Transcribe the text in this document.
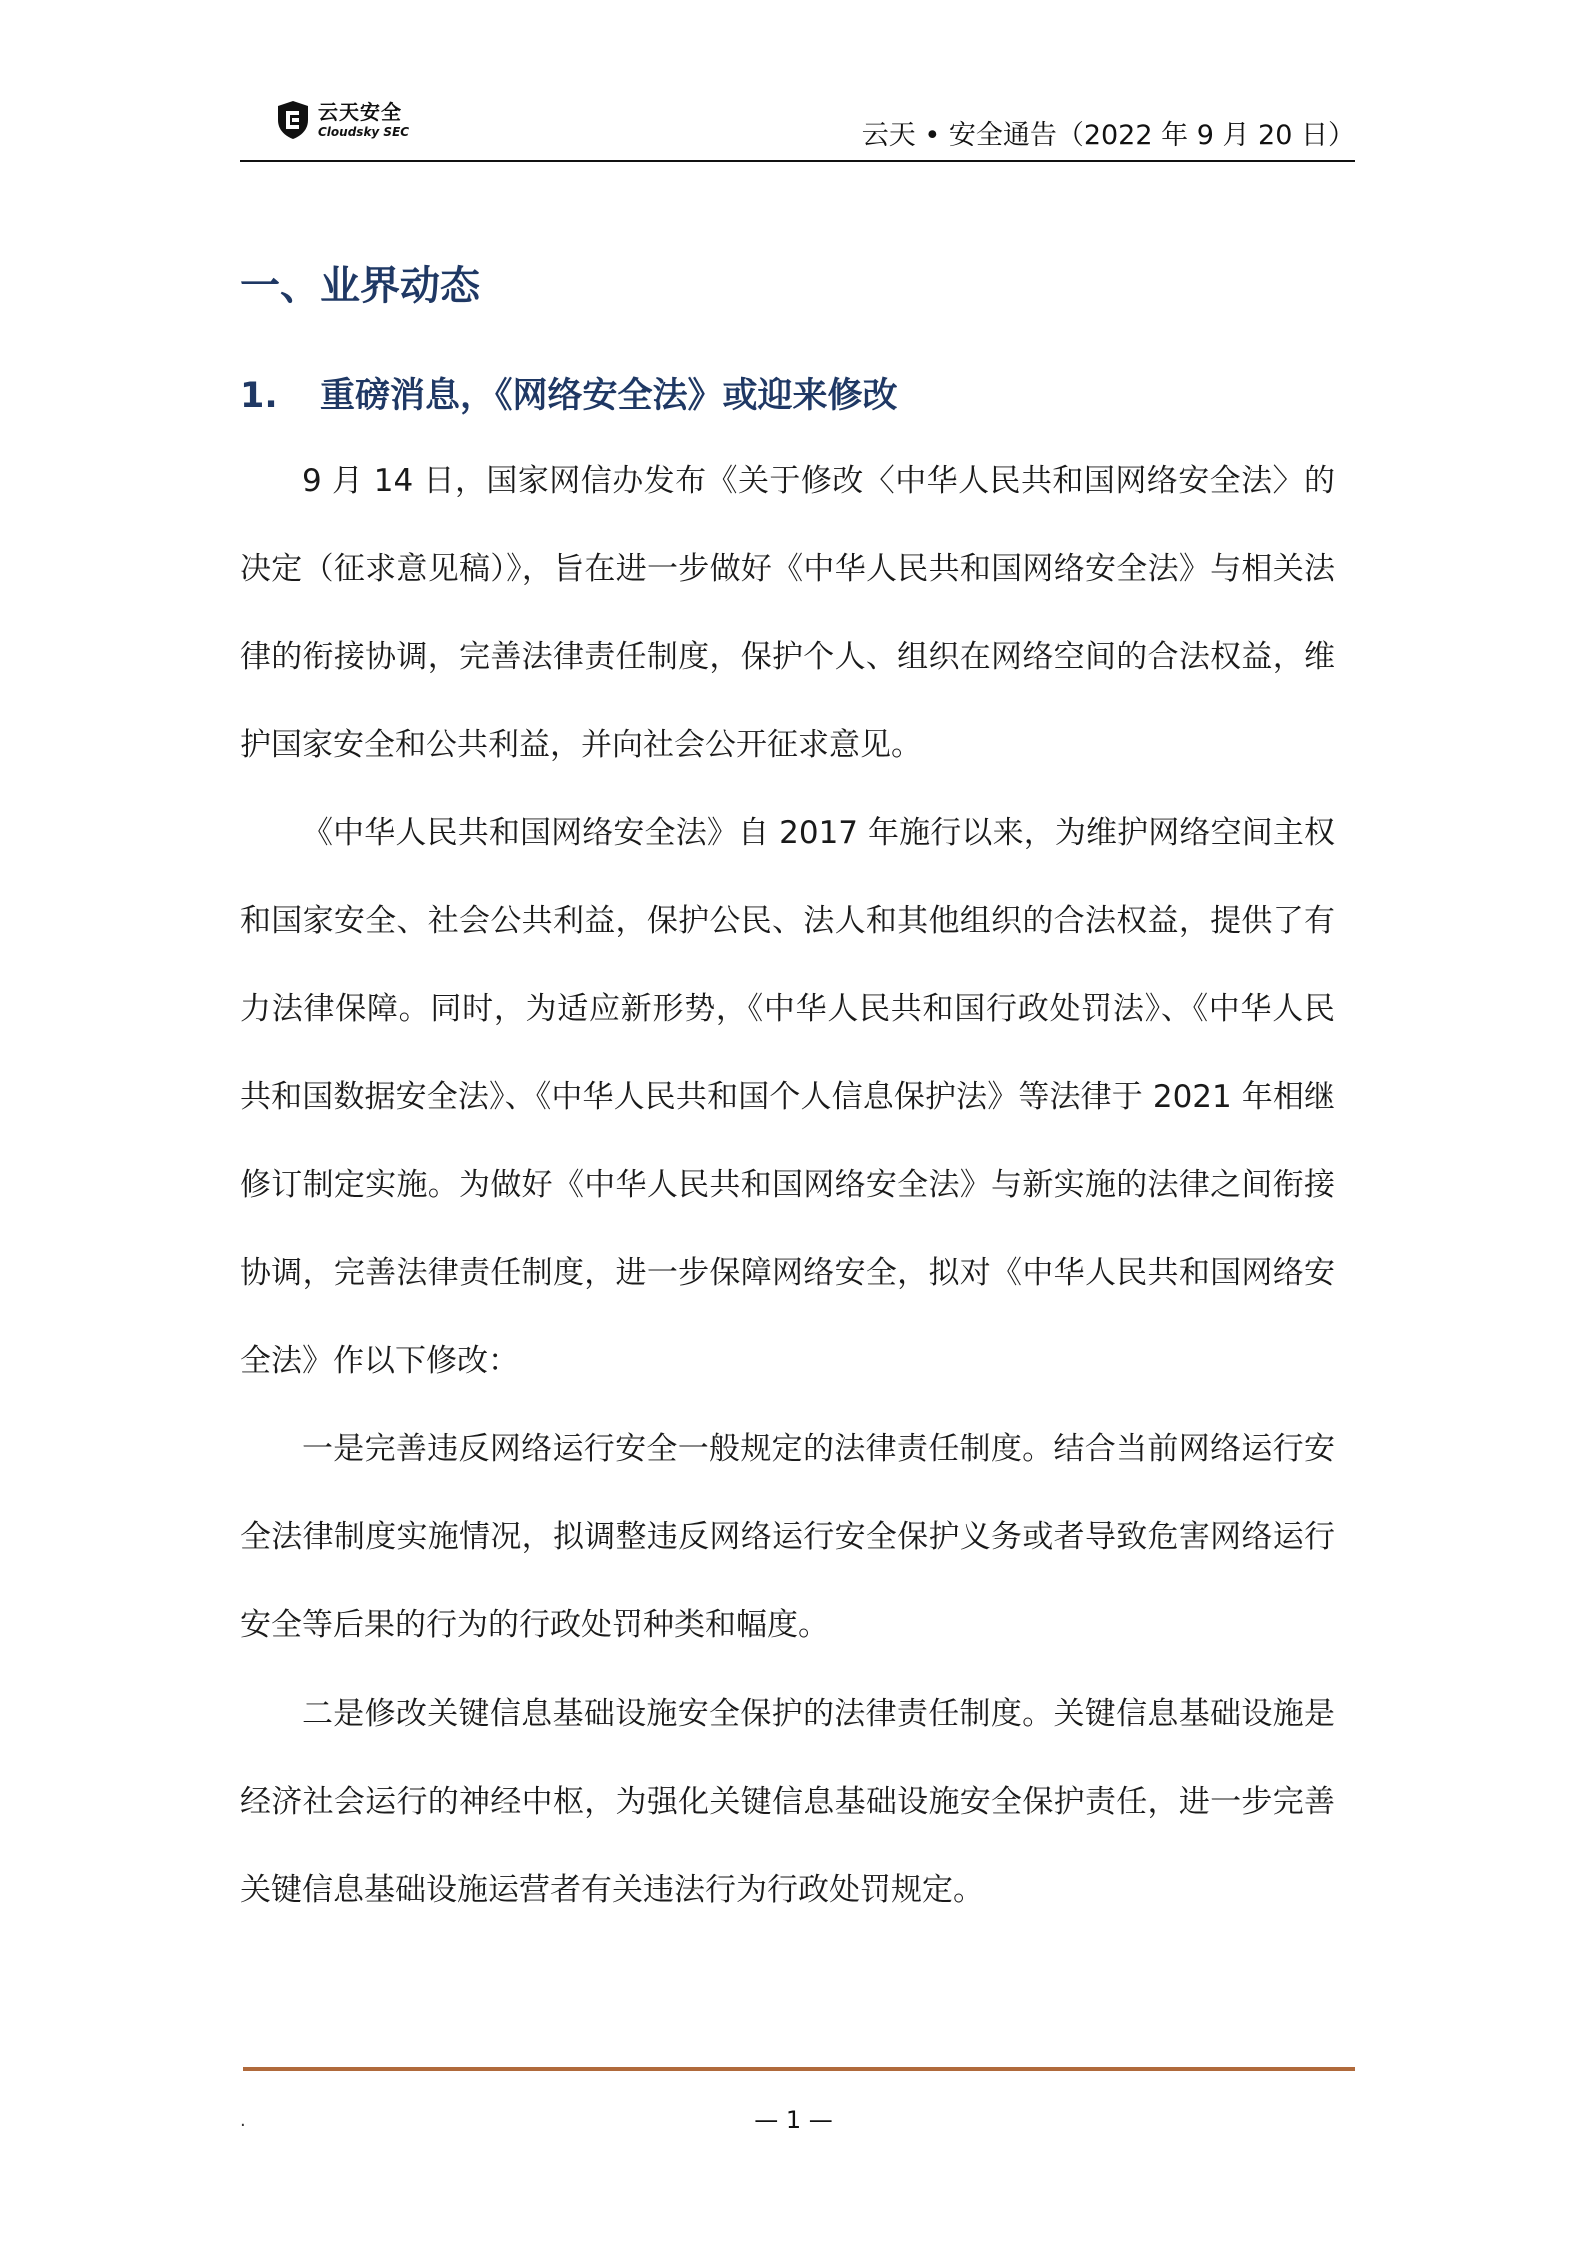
云天安全
Cloudsky SEC	云天 • 安全通告（2022 年 9 月 20 日）
一、业界动态
1. 重磅消息，《网络安全法》或迎来修改

9 月 14 日，国家网信办发布《关于修改〈中华人民共和国网络安全法〉的决定（征求意见稿）》，旨在进一步做好《中华人民共和国网络安全法》与相关法律的衔接协调，完善法律责任制度，保护个人、组织在网络空间的合法权益，维护国家安全和公共利益，并向社会公开征求意见。

《中华人民共和国网络安全法》自 2017 年施行以来，为维护网络空间主权和国家安全、社会公共利益，保护公民、法人和其他组织的合法权益，提供了有力法律保障。同时，为适应新形势，《中华人民共和国行政处罚法》、《中华人民共和国数据安全法》、《中华人民共和国个人信息保护法》等法律于 2021 年相继修订制定实施。为做好《中华人民共和国网络安全法》与新实施的法律之间衔接协调，完善法律责任制度，进一步保障网络安全，拟对《中华人民共和国网络安全法》作以下修改：

一是完善违反网络运行安全一般规定的法律责任制度。结合当前网络运行安全法律制度实施情况，拟调整违反网络运行安全保护义务或者导致危害网络运行安全等后果的行为的行政处罚种类和幅度。

二是修改关键信息基础设施安全保护的法律责任制度。关键信息基础设施是经济社会运行的神经中枢，为强化关键信息基础设施安全保护责任，进一步完善关键信息基础设施运营者有关违法行为行政处罚规定。

.	— 1 —
